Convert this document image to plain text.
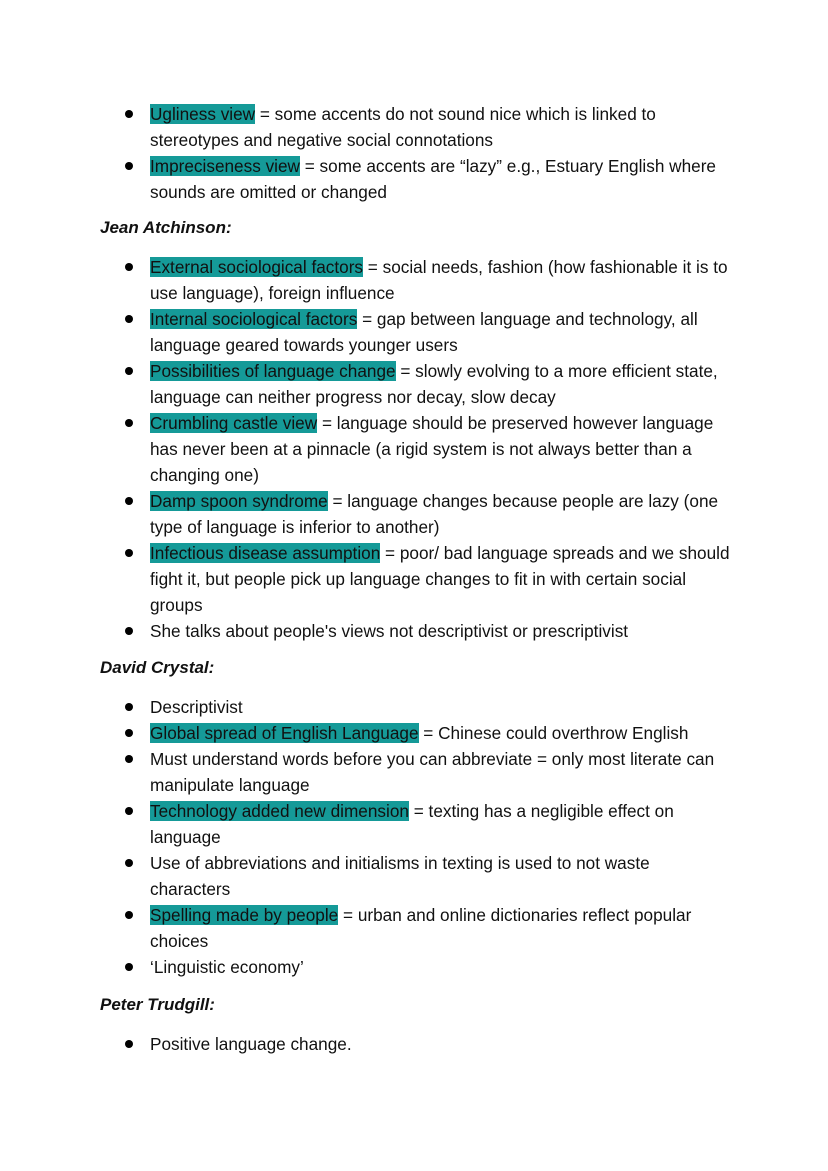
Ugliness view = some accents do not sound nice which is linked to stereotypes and negative social connotations
Impreciseness view = some accents are “lazy” e.g., Estuary English where sounds are omitted or changed
Jean Atchinson:
External sociological factors = social needs, fashion (how fashionable it is to use language), foreign influence
Internal sociological factors = gap between language and technology, all language geared towards younger users
Possibilities of language change = slowly evolving to a more efficient state, language can neither progress nor decay, slow decay
Crumbling castle view = language should be preserved however language has never been at a pinnacle (a rigid system is not always better than a changing one)
Damp spoon syndrome = language changes because people are lazy (one type of language is inferior to another)
Infectious disease assumption = poor/ bad language spreads and we should fight it, but people pick up language changes to fit in with certain social groups
She talks about people's views not descriptivist or prescriptivist
David Crystal:
Descriptivist
Global spread of English Language = Chinese could overthrow English
Must understand words before you can abbreviate = only most literate can manipulate language
Technology added new dimension = texting has a negligible effect on language
Use of abbreviations and initialisms in texting is used to not waste characters
Spelling made by people = urban and online dictionaries reflect popular choices
‘Linguistic economy’
Peter Trudgill:
Positive language change.
